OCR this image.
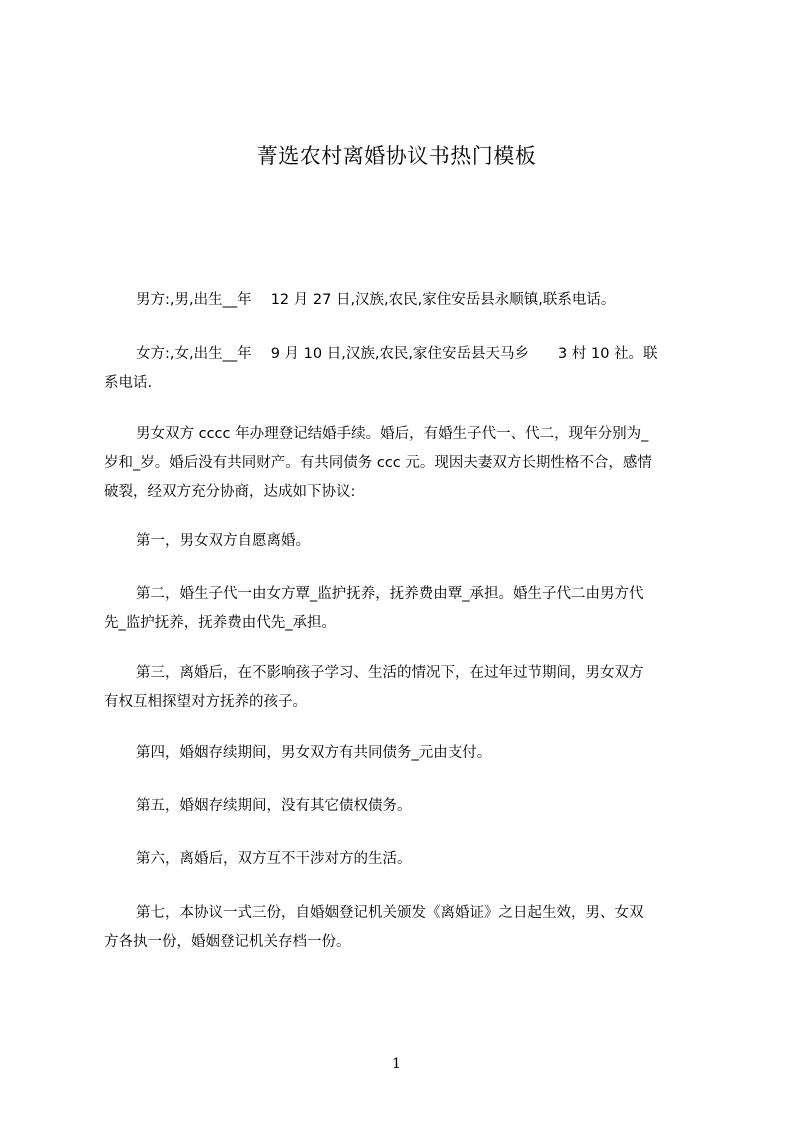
菁选农村离婚协议书热门模板
男方:,男,出生__年　 12 月 27 日,汉族,农民,家住安岳县永顺镇,联系电话。
女方:,女,出生__年　 9 月 10 日,汉族,农民,家住安岳县天马乡　　3 村 10 社。联
系电话.
男女双方 cccc 年办理登记结婚手续。婚后，有婚生子代一、代二，现年分别为_
岁和_岁。婚后没有共同财产。有共同债务 ccc 元。现因夫妻双方长期性格不合，感情
破裂，经双方充分协商，达成如下协议:
第一，男女双方自愿离婚。
第二，婚生子代一由女方覃_监护抚养，抚养费由覃_承担。婚生子代二由男方代
先_监护抚养，抚养费由代先_承担。
第三，离婚后，在不影响孩子学习、生活的情况下，在过年过节期间，男女双方
有权互相探望对方抚养的孩子。
第四，婚姻存续期间，男女双方有共同债务_元由支付。
第五，婚姻存续期间，没有其它债权债务。
第六，离婚后，双方互不干涉对方的生活。
第七，本协议一式三份，自婚姻登记机关颁发《离婚证》之日起生效，男、女双
方各执一份，婚姻登记机关存档一份。
1
